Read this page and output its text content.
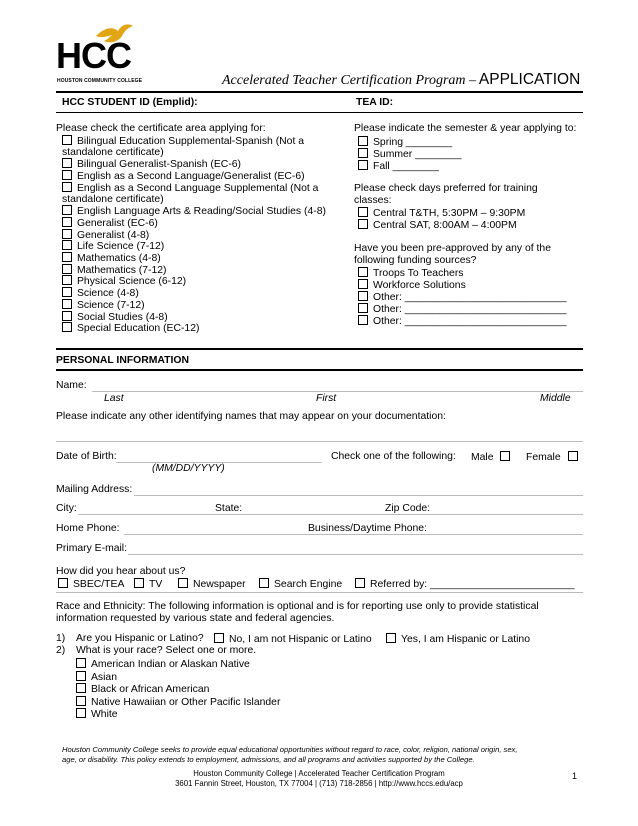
HCC
HOUSTON COMMUNITY COLLEGE	Accelerated Teacher Certification Program – APPLICATION
HCC STUDENT ID (Emplid):	TEA ID:
Please check the certificate area applying for:
Bilingual Education Supplemental-Spanish (Not a
standalone certificate)
Bilingual Generalist-Spanish (EC-6)
English as a Second Language/Generalist (EC-6)
English as a Second Language Supplemental (Not a
standalone certificate)
English Language Arts & Reading/Social Studies (4-8)
Generalist (EC-6)
Generalist (4-8)
Life Science (7-12)
Mathematics (4-8)
Mathematics (7-12)
Physical Science (6-12)
Science (4-8)
Science (7-12)
Social Studies (4-8)
Special Education (EC-12)
Please indicate the semester & year applying to:
Spring ________
Summer ________
Fall ________
Please check days preferred for training
classes:
Central T&TH, 5:30PM – 9:30PM
Central SAT, 8:00AM – 4:00PM
Have you been pre-approved by any of the
following funding sources?
Troops To Teachers
Workforce Solutions
Other: ____________________________
Other: ____________________________
Other: ____________________________
PERSONAL INFORMATION
Name:
Last	First	Middle
Please indicate any other identifying names that may appear on your documentation:
Date of Birth:
(MM/DD/YYYY)
Check one of the following: Male	Female
Mailing Address:
City:	State:	Zip Code:
Home Phone:	Business/Daytime Phone:
Primary E-mail:
How did you hear about us?
SBEC/TEA	TV	Newspaper	Search Engine	Referred by: _________________________
Race and Ethnicity: The following information is optional and is for reporting use only to provide statistical
information requested by various state and federal agencies.
1) Are you Hispanic or Latino?	No, I am not Hispanic or Latino	Yes, I am Hispanic or Latino
2) What is your race? Select one or more.
American Indian or Alaskan Native
Asian
Black or African American
Native Hawaiian or Other Pacific Islander
White
Houston Community College seeks to provide equal educational opportunities without regard to race, color, religion, national origin, sex,
age, or disability. This policy extends to employment, admissions, and all programs and activities supported by the College.
Houston Community College | Accelerated Teacher Certification Program
3601 Fannin Street, Houston, TX 77004 | (713) 718-2856 | http://www.hccs.edu/acp
1
